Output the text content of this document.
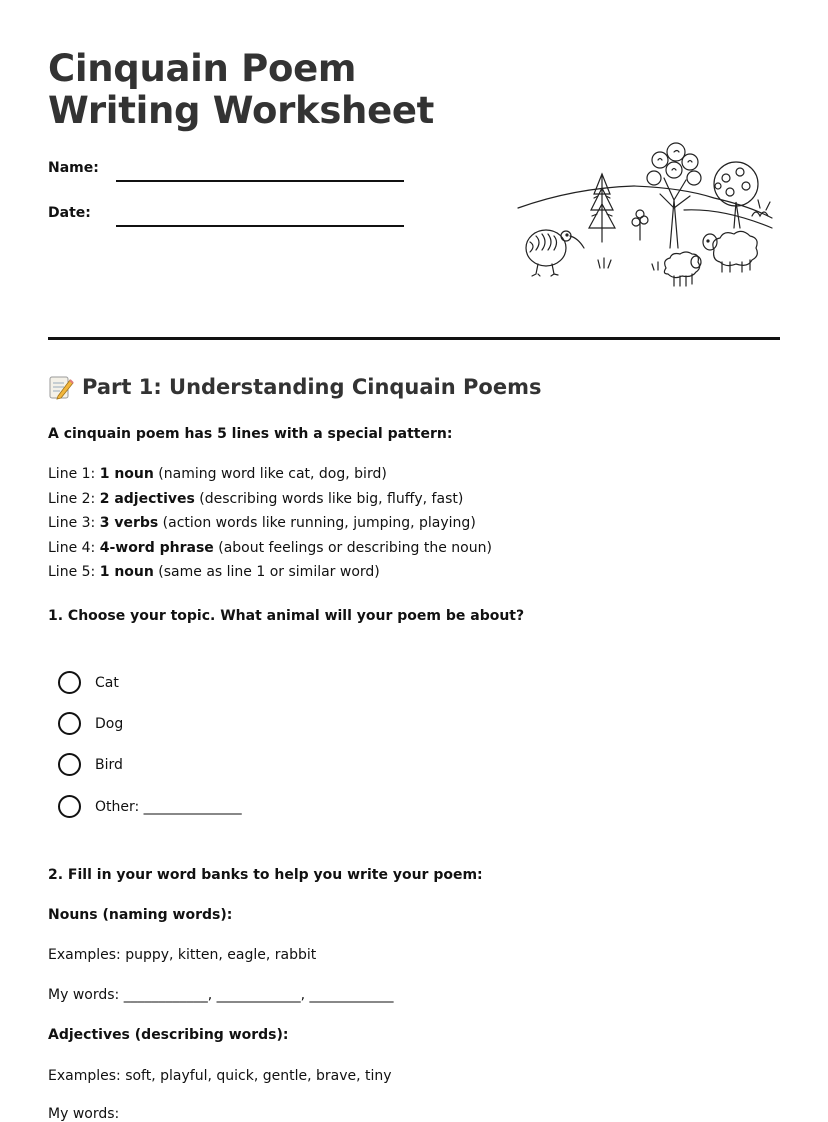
Cinquain Poem Writing Worksheet
Name:
Date:
Part 1: Understanding Cinquain Poems
A cinquain poem has 5 lines with a special pattern:
Line 1: 1 noun (naming word like cat, dog, bird)
Line 2: 2 adjectives (describing words like big, fluffy, fast)
Line 3: 3 verbs (action words like running, jumping, playing)
Line 4: 4-word phrase (about feelings or describing the noun)
Line 5: 1 noun (same as line 1 or similar word)
1. Choose your topic. What animal will your poem be about?
Cat
Dog
Bird
Other: ______________
2. Fill in your word banks to help you write your poem:
Nouns (naming words):
Examples: puppy, kitten, eagle, rabbit
My words: ____________, ____________, ____________
Adjectives (describing words):
Examples: soft, playful, quick, gentle, brave, tiny
My words:
